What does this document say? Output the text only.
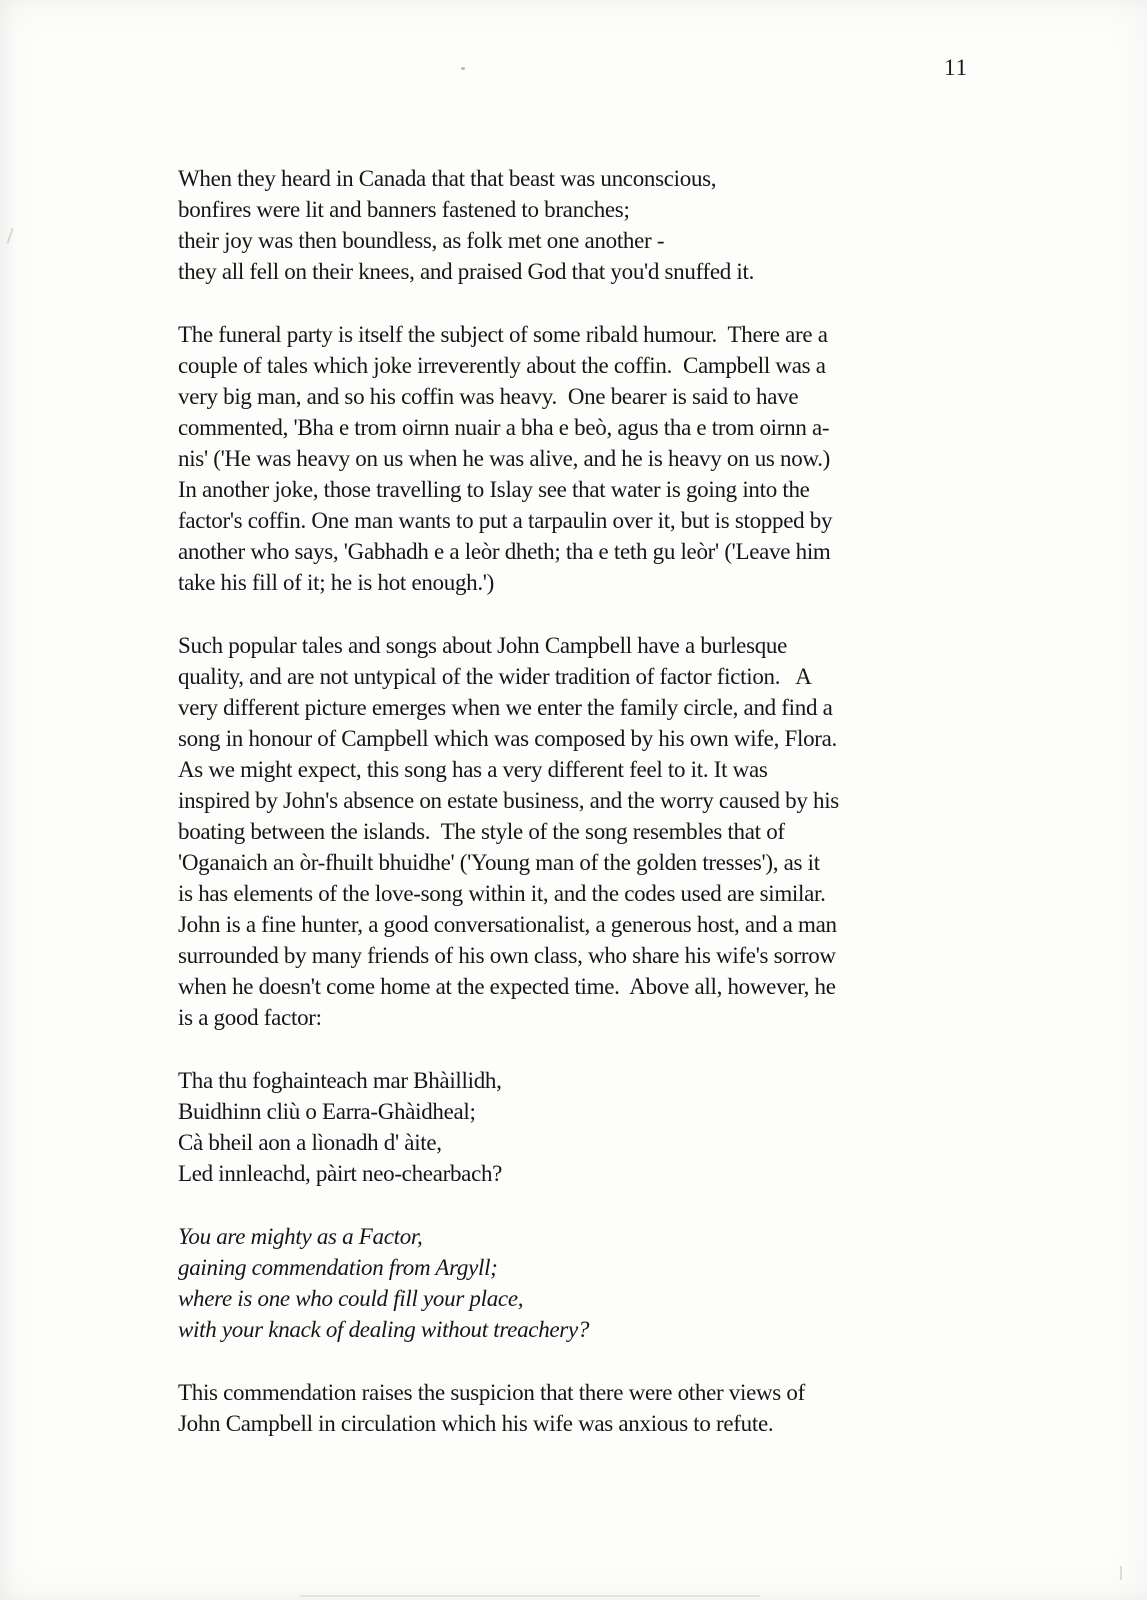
11
When they heard in Canada that that beast was unconscious,
bonfires were lit and banners fastened to branches;
their joy was then boundless, as folk met one another -
they all fell on their knees, and praised God that you'd snuffed it.
The funeral party is itself the subject of some ribald humour.  There are a
couple of tales which joke irreverently about the coffin.  Campbell was a
very big man, and so his coffin was heavy.  One bearer is said to have
commented, 'Bha e trom oirnn nuair a bha e beò, agus tha e trom oirnn a-
nis' ('He was heavy on us when he was alive, and he is heavy on us now.)
In another joke, those travelling to Islay see that water is going into the
factor's coffin. One man wants to put a tarpaulin over it, but is stopped by
another who says, 'Gabhadh e a leòr dheth; tha e teth gu leòr' ('Leave him
take his fill of it; he is hot enough.')
Such popular tales and songs about John Campbell have a burlesque
quality, and are not untypical of the wider tradition of factor fiction.   A
very different picture emerges when we enter the family circle, and find a
song in honour of Campbell which was composed by his own wife, Flora.
As we might expect, this song has a very different feel to it. It was
inspired by John's absence on estate business, and the worry caused by his
boating between the islands.  The style of the song resembles that of
'Oganaich an òr-fhuilt bhuidhe' ('Young man of the golden tresses'), as it
is has elements of the love-song within it, and the codes used are similar.
John is a fine hunter, a good conversationalist, a generous host, and a man
surrounded by many friends of his own class, who share his wife's sorrow
when he doesn't come home at the expected time.  Above all, however, he
is a good factor:
Tha thu foghainteach mar Bhàillidh,
Buidhinn cliù o Earra-Ghàidheal;
Cà bheil aon a lìonadh d' àite,
Led innleachd, pàirt neo-chearbach?
You are mighty as a Factor,
gaining commendation from Argyll;
where is one who could fill your place,
with your knack of dealing without treachery?
This commendation raises the suspicion that there were other views of
John Campbell in circulation which his wife was anxious to refute.
